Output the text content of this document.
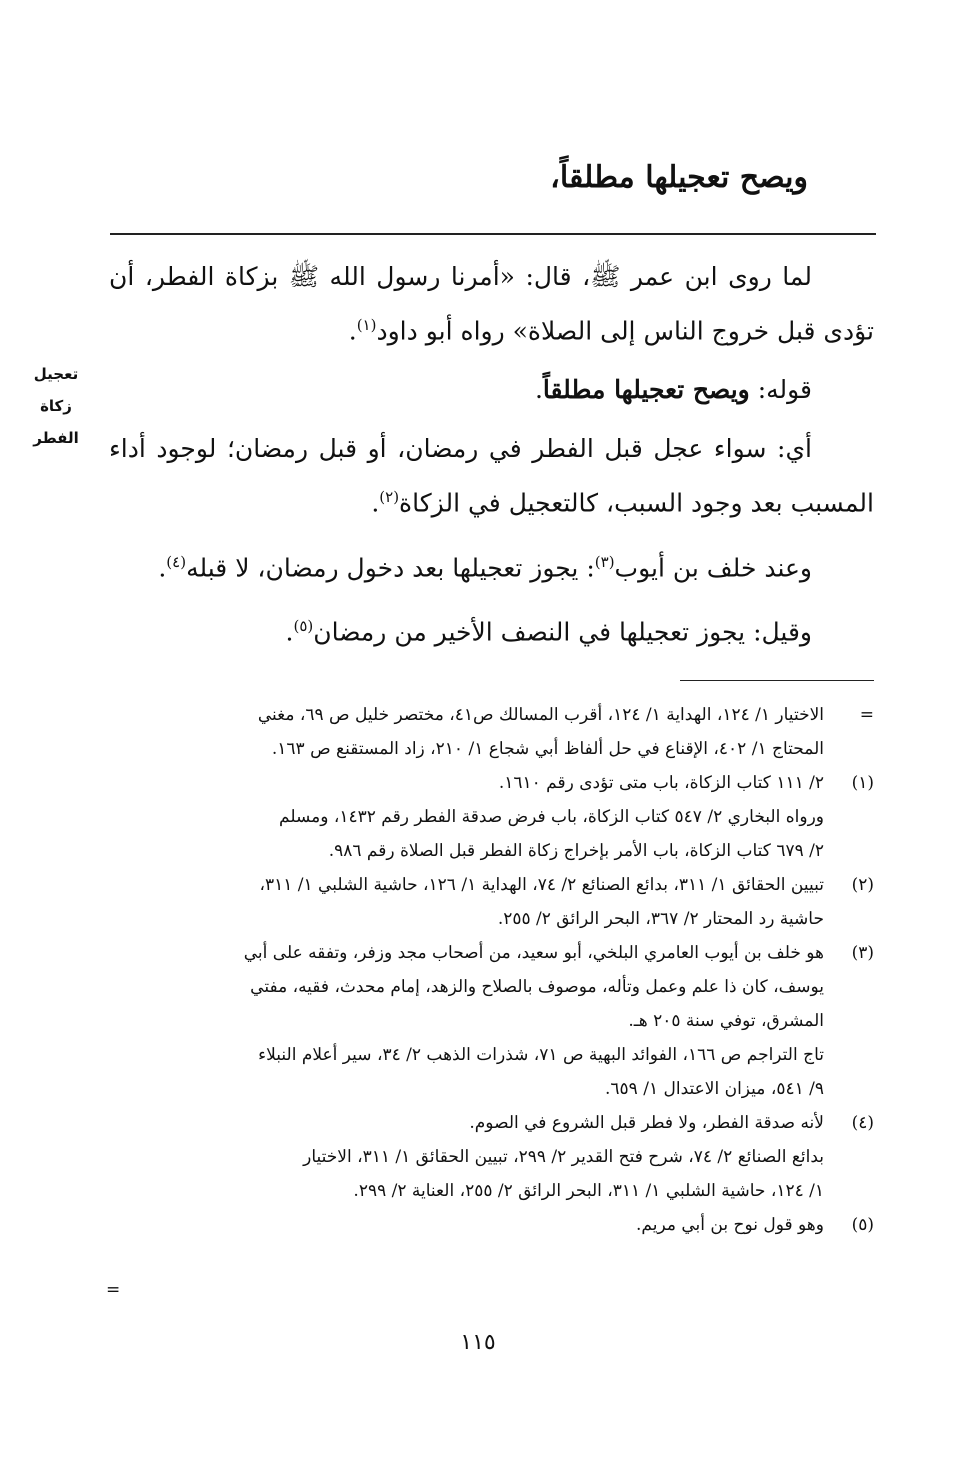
ويصح تعجيلها مطلقاً،
تعجيل
زكاة
الفطر

لما روى ابن عمر ﷺ، قال: «أمرنا رسول الله ﷺ بزكاة الفطر، أن تؤدى قبل خروج الناس إلى الصلاة» رواه أبو داود$^{(١)}$.

قوله: ويصح تعجيلها مطلقاً.

أي: سواء عجل قبل الفطر في رمضان، أو قبل رمضان؛ لوجود أداء المسبب بعد وجود السبب، كالتعجيل في الزكاة$^{(٢)}$.

وعند خلف بن أيوب$^{(٣)}$: يجوز تعجيلها بعد دخول رمضان، لا قبله$^{(٤)}$.

وقيل: يجوز تعجيلها في النصف الأخير من رمضان$^{(٥)}$.

=
الاختيار ١/ ١٢٤، الهداية ١/ ١٢٤، أقرب المسالك ص٤١، مختصر خليل ص ٦٩، مغني
المحتاج ١/ ٤٠٢، الإقناع في حل ألفاظ أبي شجاع ١/ ٢١٠، زاد المستقنع ص ١٦٣.
(١)
٢/ ١١١ كتاب الزكاة، باب متى تؤدى رقم ١٦١٠.
ورواه البخاري ٢/ ٥٤٧ كتاب الزكاة، باب فرض صدقة الفطر رقم ١٤٣٢، ومسلم
٢/ ٦٧٩ كتاب الزكاة، باب الأمر بإخراج زكاة الفطر قبل الصلاة رقم ٩٨٦.
(٢)
تبيين الحقائق ١/ ٣١١، بدائع الصنائع ٢/ ٧٤، الهداية ١/ ١٢٦، حاشية الشلبي ١/ ٣١١،
حاشية رد المحتار ٢/ ٣٦٧، البحر الرائق ٢/ ٢٥٥.
(٣)
هو خلف بن أيوب العامري البلخي، أبو سعيد، من أصحاب مجد وزفر، وتفقه على أبي
يوسف، كان ذا علم وعمل وتأله، موصوف بالصلاح والزهد، إمام محدث، فقيه، مفتي
المشرق، توفي سنة ٢٠٥ هـ.
تاج التراجم ص ١٦٦، الفوائد البهية ص ٧١، شذرات الذهب ٢/ ٣٤، سير أعلام النبلاء
٩/ ٥٤١، ميزان الاعتدال ١/ ٦٥٩.
(٤)
لأنه صدقة الفطر، ولا فطر قبل الشروع في الصوم.
بدائع الصنائع ٢/ ٧٤، شرح فتح القدير ٢/ ٢٩٩، تبيين الحقائق ١/ ٣١١، الاختيار
١/ ١٢٤، حاشية الشلبي ١/ ٣١١، البحر الرائق ٢/ ٢٥٥، العناية ٢/ ٢٩٩.
(٥)
وهو قول نوح بن أبي مريم.
=
١١٥
